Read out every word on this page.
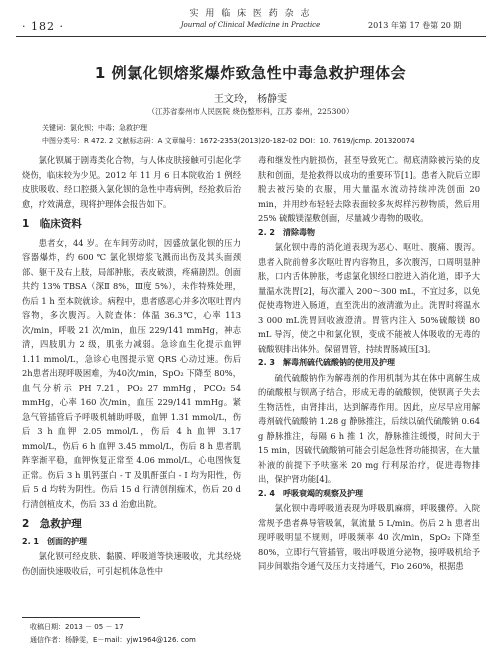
· 182 ·
实 用 临 床 医 药 杂 志
Journal of Clinical Medicine in Practice	2013 年第 17 卷第 20 期
1 例氯化钡熔浆爆炸致急性中毒急救护理体会
王文玲， 杨静雯
（江苏省泰州市人民医院 烧伤整形科，江苏 泰州，225300）
关键词：氯化钡；中毒；急救护理
中图分类号：R 472. 2 文献标志码：A 文章编号：1672-2353(2013)20-182-02 DOI：10. 7619/jcmp. 201320074

氯化钡属于剧毒类化合物，与人体皮肤接触可引起化学烧伤，临床较为少见。2012 年 11 月 6 日本院收治 1 例经皮肤吸收、经口腔摄入氯化钡的急性中毒病例，经抢救后治愈，疗效满意，现将护理体会报告如下。

1　临床资料

患者女，44 岁。在车间劳动时，因盛放氯化钡的压力容器爆炸，约 600 ℃ 氯化钡熔浆飞溅而出伤及其头面颈部、躯干及右上肢，局部肿胀，表皮破溃，疼痛剧烈。创面共约 13% TBSA（深Ⅱ 8%，Ⅲ度 5%），未作特殊处理，伤后 1 h 至本院就诊。病程中，患者感恶心并多次呕吐胃内容物，多次腹泻。入院查体：体温 36.3℃，心率 113次/min，呼吸 21 次/min，血压 229/141 mmHg，神志清，四肢肌力 2 级，肌张力减弱。急诊血生化提示血钾 1.11 mmol/L，急诊心电图提示宽 QRS 心动过速。伤后2h患者出现呼吸困难，为40次/min，SpO₂ 下降至 80%，血气分析示 PH 7.21，PO₂ 27 mmHg，PCO₂ 54 mmHg，心率 160 次/min，血压 229/141 mmHg。紧急气管插管后予呼吸机辅助呼吸，血钾 1.31 mmol/L，伤后 3 h 血钾 2.05 mmol/L，伤后 4 h 血钾 3.17 mmol/L，伤后 6 h 血钾 3.45 mmol/L，伤后 8 h 患者肌阵挛渐平稳，血钾恢复正常至 4.06 mmol/L，心电图恢复正常。伤后 3 h 肌钙蛋白 - T 及肌酐蛋白 - I 均为阳性，伤后 5 d 均转为阴性。伤后 15 d 行清创削痂术，伤后 20 d 行清创植皮术，伤后 33 d 治愈出院。

2　急救护理
2. 1　创面的护理

氯化钡可经皮肤、黏膜、呼吸道等快速吸收，尤其经烧伤创面快速吸收后，可引起机体急性中

毒和继发性内脏损伤，甚至导致死亡。彻底清除被污染的皮肤和创面，是抢救得以成功的重要环节[1]。患者入院后立即脱去被污染的衣服，用大量温水流动持续冲洗创面 20 min，并用纱布轻轻去除表面较多灰烬样污秽物质，然后用 25% 硫酸镁湿敷创面，尽量减少毒物的吸收。

2. 2　清除毒物

氯化钡中毒的消化道表现为恶心、呕吐、腹痛、腹泻。患者入院前曾多次呕吐胃内容物且，多次腹泻，口周明显肿胀，口内舌体肿胀，考虑氯化钡经口腔进入消化道，即予大量温水洗胃[2]，每次灌入 200～300 mL，不宜过多，以免促使毒物进入肠道，直至洗出的液清澈为止。洗胃时将温水 3 000 mL洗胃回收液澄清。胃管内注入 50%硫酸镁 80 mL 导泻，使之中和氯化钡，变成不能被人体吸收的无毒的硫酸钡排出体外。保留胃管，持续胃肠减压[3]。

2. 3　解毒剂硫代硫酸钠的使用及护理

硫代硫酸钠作为解毒剂的作用机制为其在体中离解生成的硫酸根与钡离子结合，形成无毒的硫酸钡，使钡离子失去生物活性，由肾排出，达到解毒作用。因此，应尽早应用解毒剂硫代硫酸钠 1.28 g 静脉推注，后续以硫代硫酸钠 0.64 g 静脉推注，每隔 6 h 推 1 次，静脉推注缓慢，时间大于 15 min，因硫代硫酸钠可能会引起急性肾功能损害，在大量补液的前提下予呋塞米 20 mg 行利尿治疗，促进毒物排出，保护肾功能[4]。

2. 4　呼吸衰竭的观察及护理

氯化钡中毒呼吸道表现为呼吸肌麻痹，呼吸骤停。入院常规予患者鼻导管吸氧，氧流量 5 L/min。伤后 2 h 患者出现呼吸明显不规则，呼吸频率 40 次/min，SpO₂ 下降至 80%，立即行气管插管，吸出呼吸道分泌物，接呼吸机给予同步间歇指令通气及压力支持通气，Fio 260%，根据患

收稿日期：2013 － 05 － 17
通信作者：杨静雯，E－mail：yjw1964@126. com
